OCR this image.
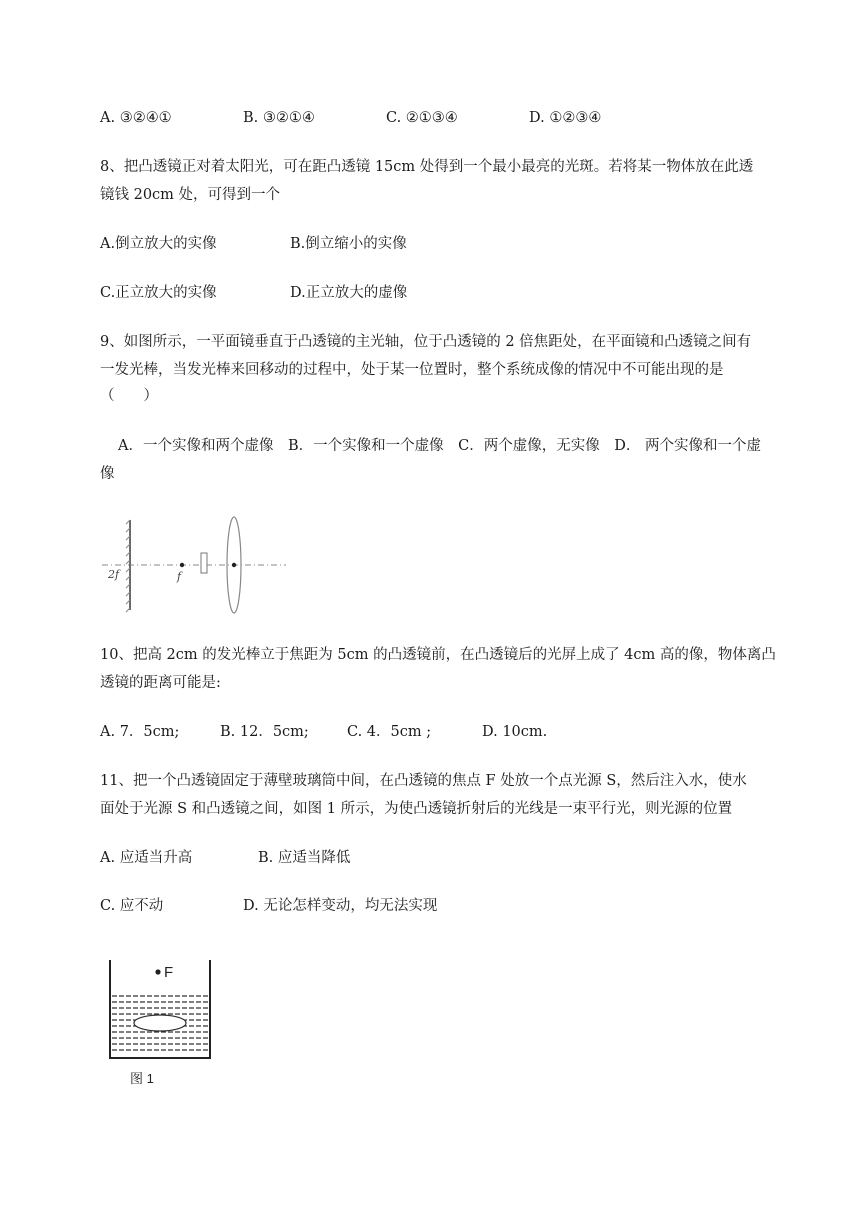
A. ③②④①	B. ③②①④	C. ②①③④	D. ①②③④
8、把凸透镜正对着太阳光，可在距凸透镜 15cm 处得到一个最小最亮的光斑。若将某一物体放在此透
镜钱 20cm 处，可得到一个
A.倒立放大的实像	B.倒立缩小的实像
C.正立放大的实像	D.正立放大的虚像
9、如图所示，一平面镜垂直于凸透镜的主光轴，位于凸透镜的 2 倍焦距处，在平面镜和凸透镜之间有
一发光棒，当发光棒来回移动的过程中，处于某一位置时，整个系统成像的情况中不可能出现的是
（　　）
A．一个实像和两个虚像　B．一个实像和一个虚像　C．两个虚像，无实像　D． 两个实像和一个虚
像
2f	f
10、把高 2cm 的发光棒立于焦距为 5cm 的凸透镜前，在凸透镜后的光屏上成了 4cm 高的像，物体离凸
透镜的距离可能是:
A. 7．5cm;	B. 12．5cm;	C. 4．5cm ;	D. 10cm.
11、把一个凸透镜固定于薄壁玻璃筒中间，在凸透镜的焦点 F 处放一个点光源 S，然后注入水，使水
面处于光源 S 和凸透镜之间，如图 1 所示，为使凸透镜折射后的光线是一束平行光，则光源的位置
A. 应适当升高	B. 应适当降低
C. 应不动	D. 无论怎样变动，均无法实现
F
图 1
